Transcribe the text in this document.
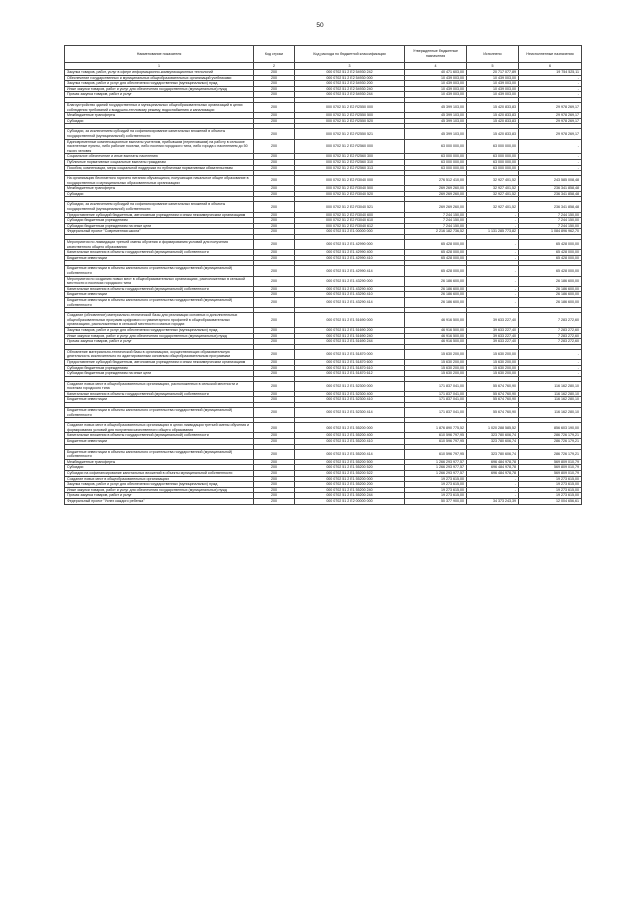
50
Наименование показателя	Код строки	Код расхода по бюджетной классификации	Утвержденные бюджетные назначения	Исполнено	Неисполненные назначения
1	2	3	4	5	6
Закупка товаров, работ, услуг в сфере информационно-коммуникационных технологий	200	000 0702 51 2 E2 54930 242	40 471 603,00	20 717 077,89	19 754 525,11
Обеспечение государственных и муниципальных общеобразовательных организаций учебниками	200	000 0702 51 2 E2 54930 000	10 439 003,00	10 439 003,00	-
Закупка товаров, работ и услуг для обеспечения государственных (муниципальных) нужд	200	000 0702 51 2 E2 54930 200	10 439 003,00	10 439 003,00	-
Иные закупки товаров, работ и услуг для обеспечения государственных (муниципальных) нужд	200	000 0702 51 2 E2 54930 240	10 439 003,00	10 439 003,00	-
Прочая закупка товаров, работ и услуг	200	000 0702 51 2 E2 54930 244	10 439 003,00	10 439 003,00	-

Благоустройство зданий государственных и муниципальных общеобразовательных организаций в целях соблюдения требований к воздушно-тепловому режиму, водоснабжению и канализации	200	000 0702 51 2 E2 R2550 000	45 399 103,00	15 420 833,83	29 978 269,17
Межбюджетные трансферты	200	000 0702 51 2 E2 R2550 500	45 399 103,00	15 420 833,83	29 978 269,17
Субсидии	200	000 0702 51 2 E2 R2550 520	45 399 103,00	15 420 833,83	29 978 269,17

Субсидии, за исключением субсидий на софинансирование капитальных вложений в объекты государственной (муниципальной) собственности	200	000 0702 51 2 E2 R2550 521	45 399 103,00	15 420 833,83	29 978 269,17
Единовременные компенсационные выплаты учителям, прибывшим (переехавшим) на работу в сельские населенные пункты, либо рабочие поселки, либо поселки городского типа, либо города с населением до 50 тысяч человек	200	000 0702 51 2 E2 R2560 000	63 000 000,00	63 000 000,00	-
Социальное обеспечение и иные выплаты населению	200	000 0702 51 2 E2 R2560 300	63 000 000,00	63 000 000,00	-
Публичные нормативные социальные выплаты гражданам	200	000 0702 51 2 E2 R2560 310	63 000 000,00	63 000 000,00	-
Пособия, компенсации, меры социальной поддержки по публичным нормативным обязательствам	200	000 0702 51 2 E2 R2560 313	63 000 000,00	63 000 000,00	-

На организацию бесплатного горячего питания обучающихся, получающих начальное общее образование в государственных и муниципальных образовательных организациях	200	000 0702 51 2 E2 R3040 000	276 512 410,00	32 927 401,52	243 585 008,48
Межбюджетные трансферты	200	000 0702 51 2 E2 R3040 500	269 269 260,00	32 927 401,52	236 341 858,48
Субсидии	200	000 0702 51 2 E2 R3040 520	269 269 260,00	32 927 401,52	236 341 858,48

Субсидии, за исключением субсидий на софинансирование капитальных вложений в объекты государственной (муниципальной) собственности	200	000 0702 51 2 E2 R3040 521	269 269 260,00	32 927 401,52	236 341 858,48
Предоставление субсидий бюджетным, автономным учреждениям и иным некоммерческим организациям	200	000 0702 51 2 E2 R3040 600	7 244 150,00	-	7 244 150,00
Субсидии бюджетным учреждениям	200	000 0702 51 2 E2 R3040 610	7 244 150,00	-	7 244 150,00
Субсидии бюджетным учреждениям на иные цели	200	000 0702 51 2 E2 R3040 612	7 244 150,00	-	7 244 150,00
Федеральный проект "Современная школа"	200	000 0702 51 2 E1 00000 000	2 216 182 736,52	1 131 285 773,82	1 084 896 962,70

Мероприятия по ликвидации третьей смены обучения и формированию условий для получения качественного общего образования	200	000 0702 51 2 E1 42990 000	65 428 000,00	-	65 428 000,00
Капитальные вложения в объекты государственной (муниципальной) собственности	200	000 0702 51 2 E1 42990 400	65 428 000,00	-	65 428 000,00
Бюджетные инвестиции	200	000 0702 51 2 E1 42990 410	65 428 000,00	-	65 428 000,00

Бюджетные инвестиции в объекты капитального строительства государственной (муниципальной) собственности	200	000 0702 51 2 E1 42990 414	65 428 000,00	-	65 428 000,00
Мероприятия по созданию новых мест в общеобразовательных организациях, расположенных в сельской местности и поселках городского типа	200	000 0702 51 2 E1 43290 000	26 186 600,00	-	26 186 600,00
Капитальные вложения в объекты государственной (муниципальной) собственности	200	000 0702 51 2 E1 43290 400	26 186 600,00	-	26 186 600,00
Бюджетные инвестиции	200	000 0702 51 2 E1 43290 410	26 186 600,00	-	26 186 600,00
Бюджетные инвестиции в объекты капитального строительства государственной (муниципальной) собственности	200	000 0702 51 2 E1 43290 414	26 186 600,00	-	26 186 600,00

Создание (обновление) материально-технической базы для реализации основных и дополнительных общеобразовательных программ цифрового и гуманитарного профилей в общеобразовательных организациях, расположенных в сельской местности и малых городах	200	000 0702 51 2 E1 51690 000	46 916 500,00	39 633 227,40	7 283 272,60
Закупка товаров, работ и услуг для обеспечения государственных (муниципальных) нужд	200	000 0702 51 2 E1 51690 200	46 916 500,00	39 633 227,40	7 283 272,60
Иные закупки товаров, работ и услуг для обеспечения государственных (муниципальных) нужд	200	000 0702 51 2 E1 51690 240	46 916 500,00	39 633 227,40	7 283 272,60
Прочая закупка товаров, работ и услуг	200	000 0702 51 2 E1 51690 244	46 916 500,00	39 633 227,40	7 283 272,60

Обновление материально-технической базы в организациях, осуществляющих образовательную деятельность исключительно по адаптированным основным общеобразовательным программам	200	000 0702 51 2 E1 51870 000	15 630 200,00	15 630 200,00	-
Предоставление субсидий бюджетным, автономным учреждениям и иным некоммерческим организациям	200	000 0702 51 2 E1 51870 600	15 630 200,00	15 630 200,00	-
Субсидии бюджетным учреждениям	200	000 0702 51 2 E1 51870 610	15 630 200,00	15 630 200,00	-
Субсидии бюджетным учреждениям на иные цели	200	000 0702 51 2 E1 51870 612	15 630 200,00	15 630 200,00	-

Создание новых мест в общеобразовательных организациях, расположенных в сельской местности и поселках городского типа	200	000 0702 51 2 E1 52300 000	171 837 041,00	55 674 760,90	116 162 280,10
Капитальные вложения в объекты государственной (муниципальной) собственности	200	000 0702 51 2 E1 52300 400	171 837 041,00	55 674 760,90	116 162 280,10
Бюджетные инвестиции	200	000 0702 51 2 E1 52300 410	171 837 041,00	55 674 760,90	116 162 280,10

Бюджетные инвестиции в объекты капитального строительства государственной (муниципальной) собственности	200	000 0702 51 2 E1 52300 414	171 837 041,00	55 674 760,90	116 162 280,10

Создание новых мест в общеобразовательных организациях в целях ликвидации третьей смены обучения и формирования условий для получения качественного общего образования	200	000 0702 51 2 E1 55200 000	1 876 890 775,52	1 020 288 585,52	856 603 190,00
Капитальные вложения в объекты государственной (муниципальной) собственности	200	000 0702 51 2 E1 55200 400	610 596 797,95	323 780 606,74	286 726 179,21
Бюджетные инвестиции	200	000 0702 51 2 E1 55200 410	610 596 797,95	323 780 606,74	286 726 179,21

Бюджетные инвестиции в объекты капитального строительства государственной (муниципальной) собственности	200	000 0702 51 2 E1 55200 414	610 596 797,95	323 780 606,74	286 726 179,21
Межбюджетные трансферты	200	000 0702 51 2 E1 55200 500	1 266 293 977,57	696 484 978,78	569 809 010,79
Субсидии	200	000 0702 51 2 E1 55200 520	1 266 293 977,57	696 484 978,78	569 809 010,79
Субсидии на софинансирование капитальных вложений в объекты муниципальной собственности	200	000 0702 51 2 E1 55200 522	1 266 293 977,57	696 484 978,78	569 809 010,79
Создание новых мест в общеобразовательных организациях	200	000 0702 51 2 E1 55200 000	19 273 615,00	-	19 273 615,00
Закупка товаров, работ и услуг для обеспечения государственных (муниципальных) нужд	200	000 0702 51 2 E1 55200 200	19 273 615,00	-	19 273 615,00
Иные закупки товаров, работ и услуг для обеспечения государственных (муниципальных) нужд	200	000 0702 51 2 E1 55200 240	19 273 615,00	-	19 273 615,00
Прочая закупка товаров, работ и услуг	200	000 0702 51 2 E1 55200 244	19 273 615,00	-	19 273 615,00
Федеральный проект "Успех каждого ребенка"	200	000 0702 51 2 E2 00000 000	50 377 900,00	34 373 243,39	12 004 656,61
